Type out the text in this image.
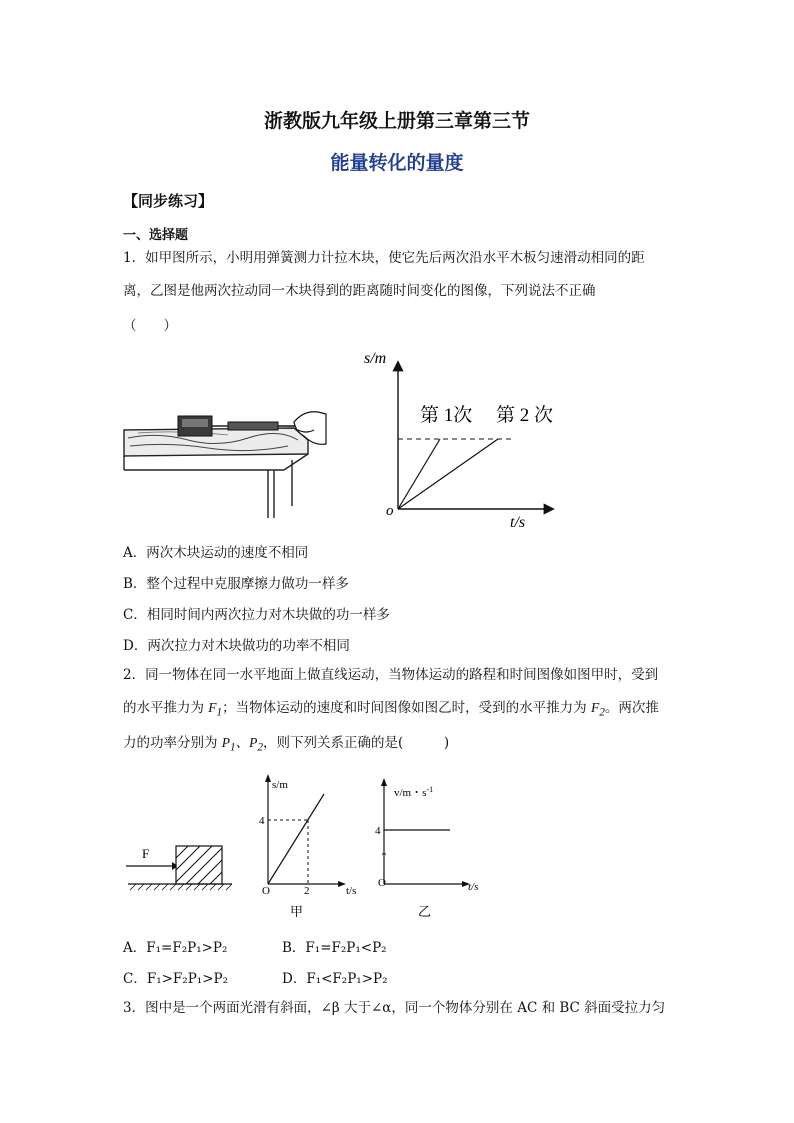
浙教版九年级上册第三章第三节
能量转化的量度
【同步练习】
一、选择题
1．如甲图所示，小明用弹簧测力计拉木块，使它先后两次沿水平木板匀速滑动相同的距
离，乙图是他两次拉动同一木块得到的距离随时间变化的图像，下列说法不正确
（　　）
s/m
t/s
o
第 1次 第 2 次
A．两次木块运动的速度不相同
B．整个过程中克服摩擦力做功一样多
C．相同时间内两次拉力对木块做的功一样多
D．两次拉力对木块做功的功率不相同
2．同一物体在同一水平地面上做直线运动，当物体运动的路程和时间图像如图甲时，受到
的水平推力为 $F_1$；当物体运动的速度和时间图像如图乙时，受到的水平推力为 $F_2$。两次推
力的功率分别为 $P_1$、$P_2$，则下列关系正确的是(　　　)
F
s/m
t/s
O
4
2
甲
v/m・$s^{-1}$
t/s
O
4
乙
A．F₁=F₂P₁>P₂	B．F₁=F₂P₁<P₂
C．F₁>F₂P₁>P₂	D．F₁<F₂P₁>P₂
3．图中是一个两面光滑有斜面，∠β 大于∠α，同一个物体分别在 AC 和 BC 斜面受拉力匀
